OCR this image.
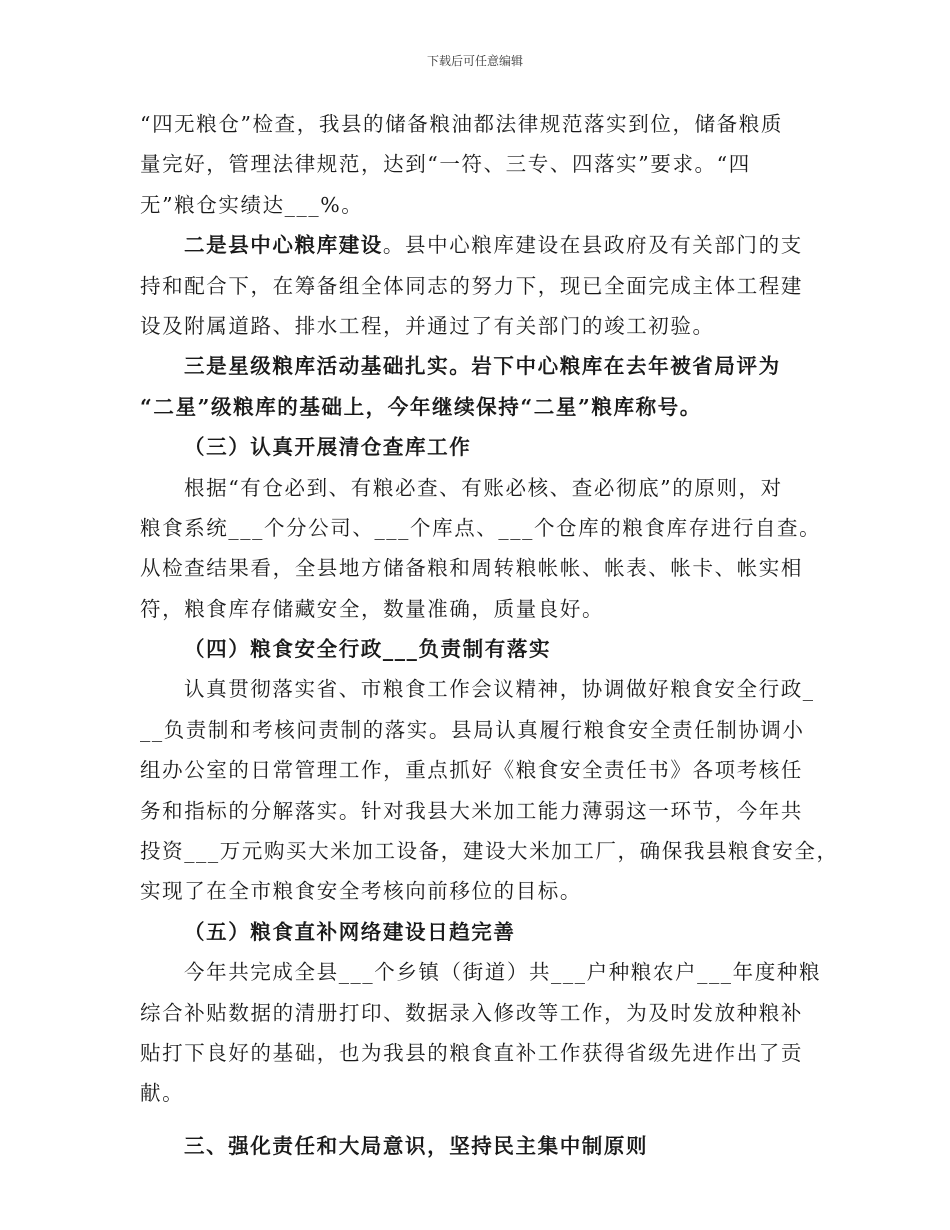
下载后可任意编辑
“四无粮仓”检查，我县的储备粮油都法律规范落实到位，储备粮质
量完好，管理法律规范，达到“一符、三专、四落实”要求。“四
无”粮仓实绩达___%。
二是县中心粮库建设。县中心粮库建设在县政府及有关部门的支
持和配合下，在筹备组全体同志的努力下，现已全面完成主体工程建
设及附属道路、排水工程，并通过了有关部门的竣工初验。
三是星级粮库活动基础扎实。岩下中心粮库在去年被省局评为
“二星”级粮库的基础上，今年继续保持“二星”粮库称号。
（三）认真开展清仓查库工作
根据“有仓必到、有粮必查、有账必核、查必彻底”的原则，对
粮食系统___个分公司、___个库点、___个仓库的粮食库存进行自查。
从检查结果看，全县地方储备粮和周转粮帐帐、帐表、帐卡、帐实相
符，粮食库存储藏安全，数量准确，质量良好。
（四）粮食安全行政___负责制有落实
认真贯彻落实省、市粮食工作会议精神，协调做好粮食安全行政_
__负责制和考核问责制的落实。县局认真履行粮食安全责任制协调小
组办公室的日常管理工作，重点抓好《粮食安全责任书》各项考核任
务和指标的分解落实。针对我县大米加工能力薄弱这一环节，今年共
投资___万元购买大米加工设备，建设大米加工厂，确保我县粮食安全，
实现了在全市粮食安全考核向前移位的目标。
（五）粮食直补网络建设日趋完善
今年共完成全县___个乡镇（街道）共___户种粮农户___年度种粮
综合补贴数据的清册打印、数据录入修改等工作，为及时发放种粮补
贴打下良好的基础，也为我县的粮食直补工作获得省级先进作出了贡
献。
三、强化责任和大局意识，坚持民主集中制原则
